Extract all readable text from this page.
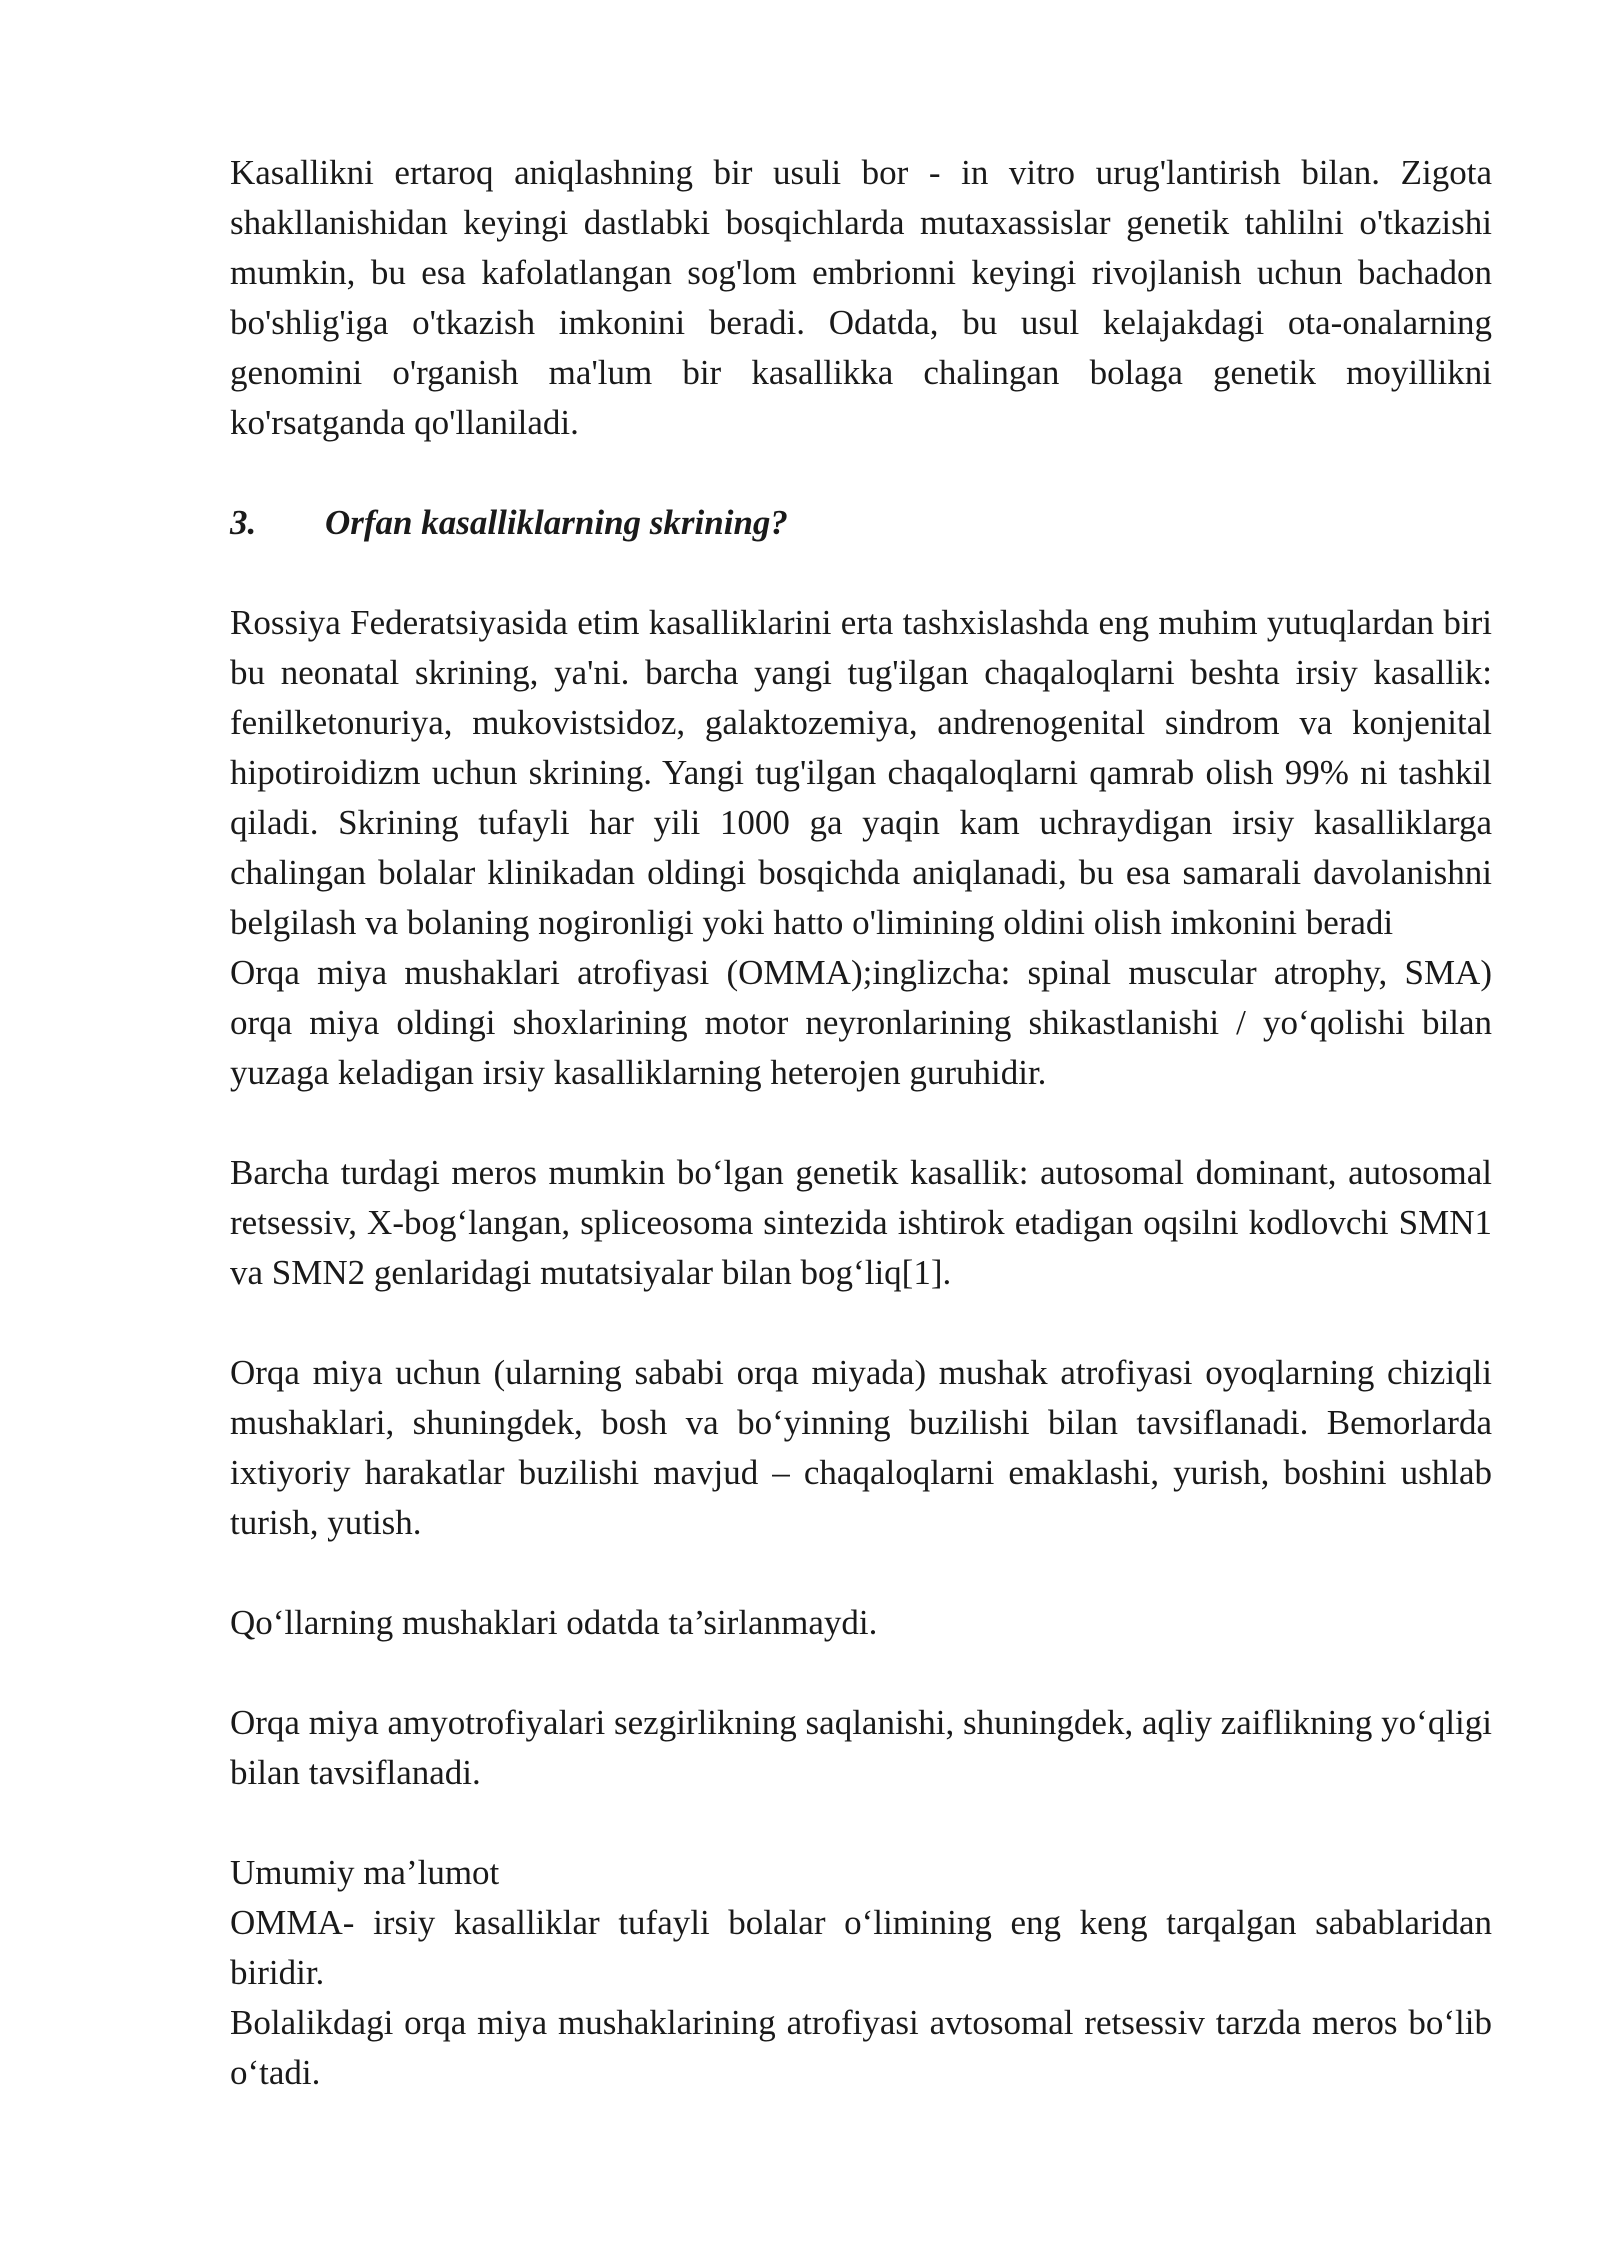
Kasallikni ertaroq aniqlashning bir usuli bor - in vitro urug'lantirish bilan. Zigota shakllanishidan keyingi dastlabki bosqichlarda mutaxassislar genetik tahlilni o'tkazishi mumkin, bu esa kafolatlangan sog'lom embrionni keyingi rivojlanish uchun bachadon bo'shlig'iga o'tkazish imkonini beradi. Odatda, bu usul kelajakdagi ota-onalarning genomini o'rganish ma'lum bir kasallikka chalingan bolaga genetik moyillikni ko'rsatganda qo'llaniladi.

3.	Orfan kasalliklarning skrining?

Rossiya Federatsiyasida etim kasalliklarini erta tashxislashda eng muhim yutuqlardan biri bu neonatal skrining, ya'ni. barcha yangi tug'ilgan chaqaloqlarni beshta irsiy kasallik: fenilketonuriya, mukovistsidoz, galaktozemiya, andrenogenital sindrom va konjenital hipotiroidizm uchun skrining. Yangi tug'ilgan chaqaloqlarni qamrab olish 99% ni tashkil qiladi. Skrining tufayli har yili 1000 ga yaqin kam uchraydigan irsiy kasalliklarga chalingan bolalar klinikadan oldingi bosqichda aniqlanadi, bu esa samarali davolanishni belgilash va bolaning nogironligi yoki hatto o'limining oldini olish imkonini beradi

Orqa miya mushaklari atrofiyasi (OMMA);inglizcha: spinal muscular atrophy, SMA) orqa miya oldingi shoxlarining motor neyronlarining shikastlanishi / yo‘qolishi bilan yuzaga keladigan irsiy kasalliklarning heterojen guruhidir.

Barcha turdagi meros mumkin bo‘lgan genetik kasallik: autosomal dominant, autosomal retsessiv, X-bog‘langan, spliceosoma sintezida ishtirok etadigan oqsilni kodlovchi SMN1 va SMN2 genlaridagi mutatsiyalar bilan bog‘liq[1].

Orqa miya uchun (ularning sababi orqa miyada) mushak atrofiyasi oyoqlarning chiziqli mushaklari, shuningdek, bosh va bo‘yinning buzilishi bilan tavsiflanadi. Bemorlarda ixtiyoriy harakatlar buzilishi mavjud – chaqaloqlarni emaklashi, yurish, boshini ushlab turish, yutish.

Qo‘llarning mushaklari odatda ta’sirlanmaydi.

Orqa miya amyotrofiyalari sezgirlikning saqlanishi, shuningdek, aqliy zaiflikning yo‘qligi bilan tavsiflanadi.

Umumiy ma’lumot

OMMA- irsiy kasalliklar tufayli bolalar o‘limining eng keng tarqalgan sabablaridan biridir.

Bolalikdagi orqa miya mushaklarining atrofiyasi avtosomal retsessiv tarzda meros bo‘lib o‘tadi.
